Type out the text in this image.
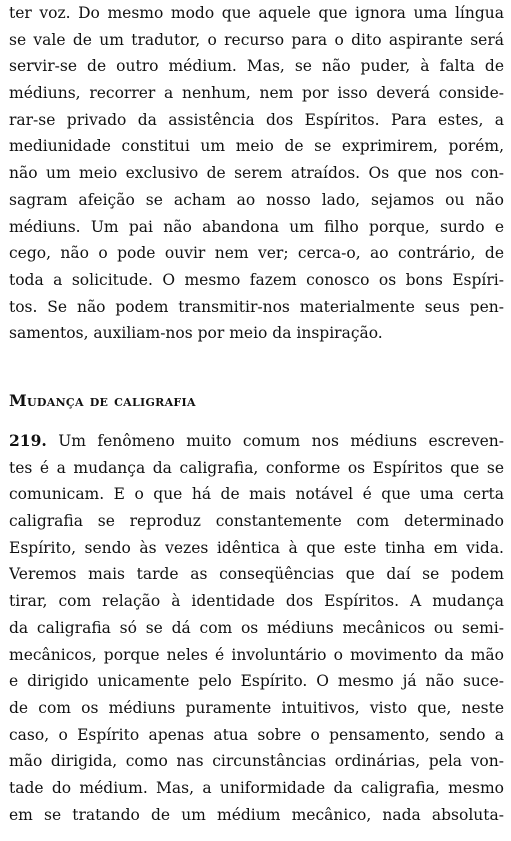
ter voz. Do mesmo modo que aquele que ignora uma língua
se vale de um tradutor, o recurso para o dito aspirante será
servir-se de outro médium. Mas, se não puder, à falta de
médiuns, recorrer a nenhum, nem por isso deverá conside-
rar-se privado da assistência dos Espíritos. Para estes, a
mediunidade constitui um meio de se exprimirem, porém,
não um meio exclusivo de serem atraídos. Os que nos con-
sagram afeição se acham ao nosso lado, sejamos ou não
médiuns. Um pai não abandona um filho porque, surdo e
cego, não o pode ouvir nem ver; cerca-o, ao contrário, de
toda a solicitude. O mesmo fazem conosco os bons Espíri-
tos. Se não podem transmitir-nos materialmente seus pen-
samentos, auxiliam-nos por meio da inspiração.
Mudança de caligrafia
219. Um fenômeno muito comum nos médiuns escreven-
tes é a mudança da caligrafia, conforme os Espíritos que se
comunicam. E o que há de mais notável é que uma certa
caligrafia se reproduz constantemente com determinado
Espírito, sendo às vezes idêntica à que este tinha em vida.
Veremos mais tarde as conseqüências que daí se podem
tirar, com relação à identidade dos Espíritos. A mudança
da caligrafia só se dá com os médiuns mecânicos ou semi-
mecânicos, porque neles é involuntário o movimento da mão
e dirigido unicamente pelo Espírito. O mesmo já não suce-
de com os médiuns puramente intuitivos, visto que, neste
caso, o Espírito apenas atua sobre o pensamento, sendo a
mão dirigida, como nas circunstâncias ordinárias, pela von-
tade do médium. Mas, a uniformidade da caligrafia, mesmo
em se tratando de um médium mecânico, nada absoluta-
